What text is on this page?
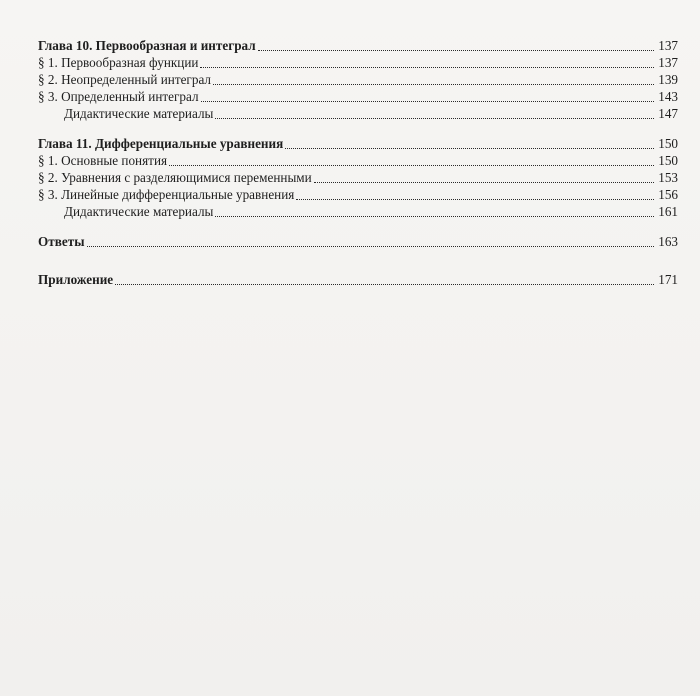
Глава 10. Первообразная и интеграл	137
§ 1. Первообразная функции	137
§ 2. Неопределенный интеграл	139
§ 3. Определенный интеграл	143
Дидактические материалы	147
Глава 11. Дифференциальные уравнения	150
§ 1. Основные понятия	150
§ 2. Уравнения с разделяющимися переменными	153
§ 3. Линейные дифференциальные уравнения	156
Дидактические материалы	161
Ответы	163
Приложение	171
